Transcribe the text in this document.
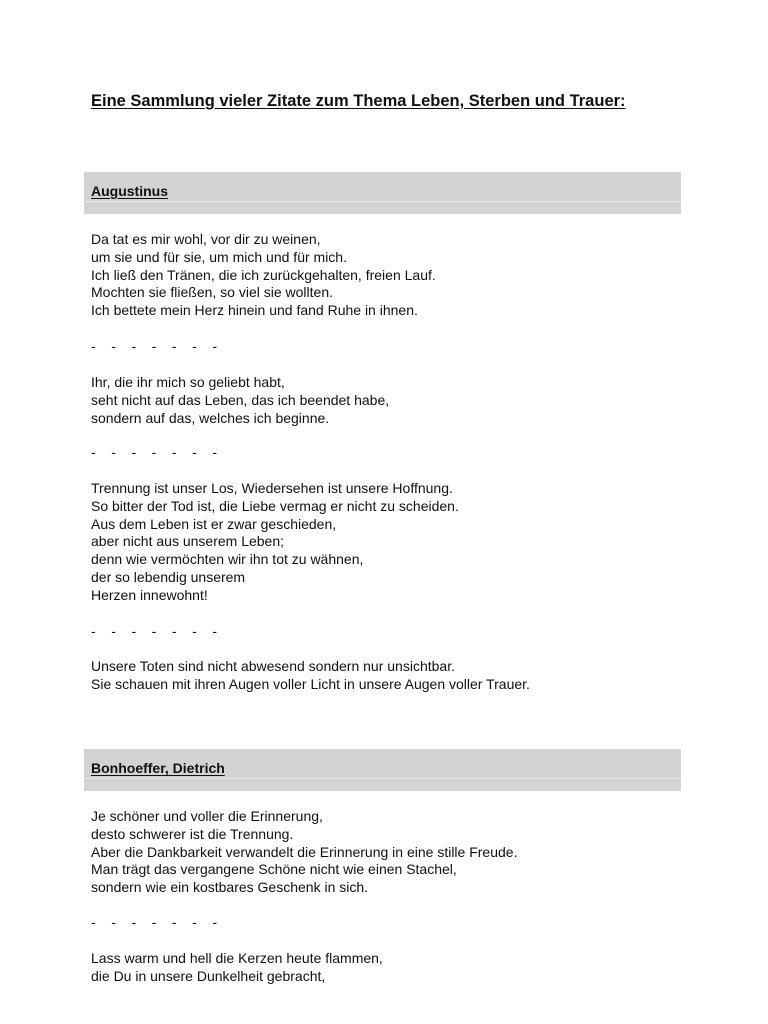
Eine Sammlung vieler Zitate zum Thema Leben, Sterben und Trauer:
Augustinus

Da tat es mir wohl, vor dir zu weinen,
um sie und für sie, um mich und für mich.
Ich ließ den Tränen, die ich zurückgehalten, freien Lauf.
Mochten sie fließen, so viel sie wollten.
Ich bettete mein Herz hinein und fand Ruhe in ihnen.

-    -    -    -    -    -    -

Ihr, die ihr mich so geliebt habt,
seht nicht auf das Leben, das ich beendet habe,
sondern auf das, welches ich beginne.

-    -    -    -    -    -    -

Trennung ist unser Los, Wiedersehen ist unsere Hoffnung.
So bitter der Tod ist, die Liebe vermag er nicht zu scheiden.
Aus dem Leben ist er zwar geschieden,
aber nicht aus unserem Leben;
denn wie vermöchten wir ihn tot zu wähnen,
der so lebendig unserem
Herzen innewohnt!

-    -    -    -    -    -    -

Unsere Toten sind nicht abwesend sondern nur unsichtbar.
Sie schauen mit ihren Augen voller Licht in unsere Augen voller Trauer.

Bonhoeffer, Dietrich

Je schöner und voller die Erinnerung,
desto schwerer ist die Trennung.
Aber die Dankbarkeit verwandelt die Erinnerung in eine stille Freude.
Man trägt das vergangene Schöne nicht wie einen Stachel,
sondern wie ein kostbares Geschenk in sich.

-    -    -    -    -    -    -

Lass warm und hell die Kerzen heute flammen,
die Du in unsere Dunkelheit gebracht,
